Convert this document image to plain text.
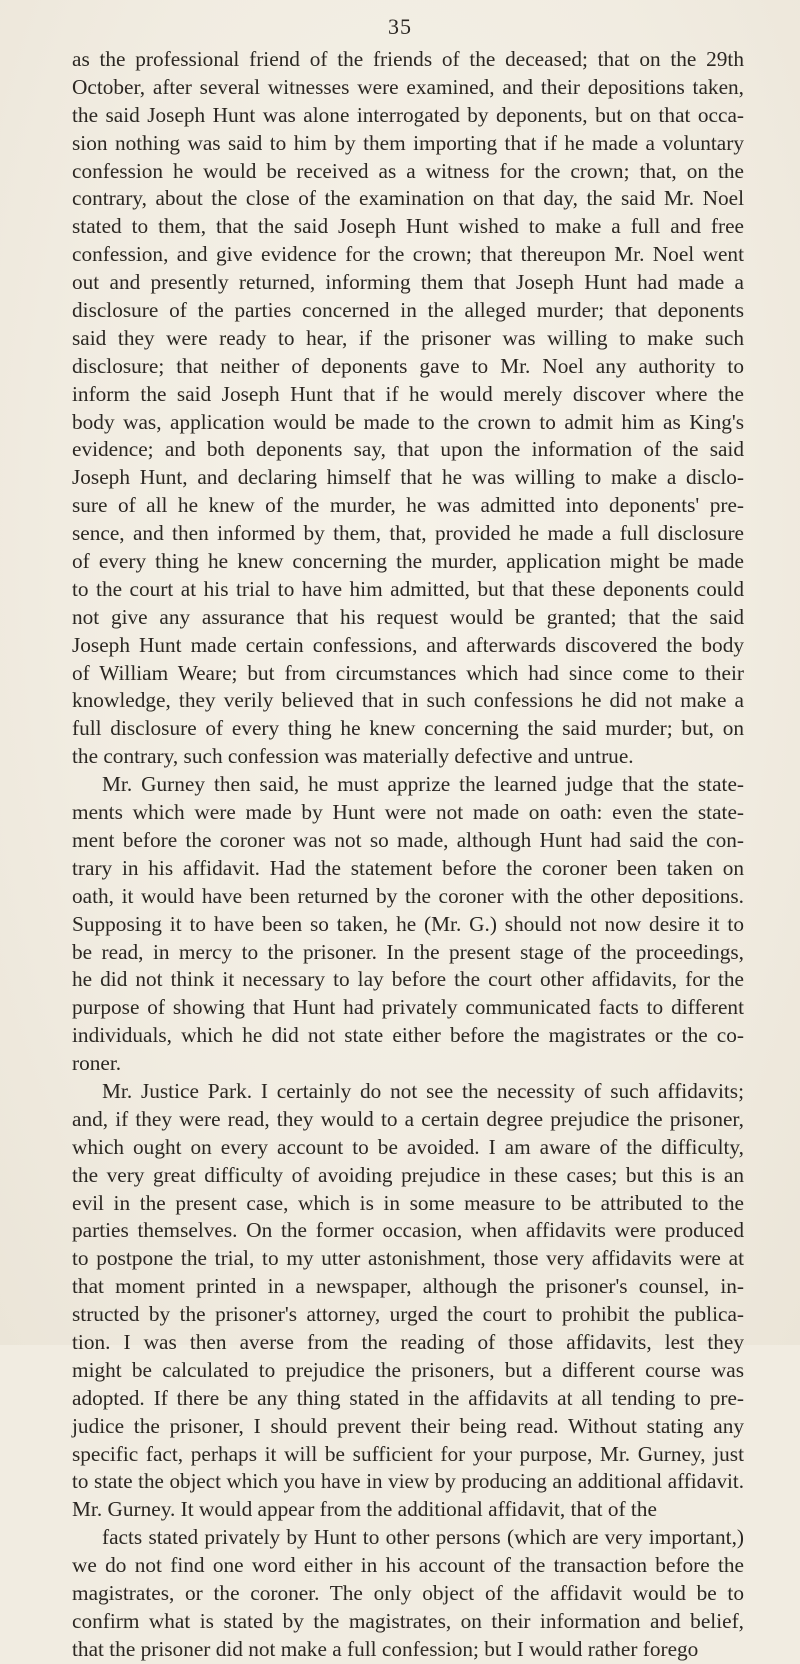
35
as the professional friend of the friends of the deceased; that on the 29th
October, after several witnesses were examined, and their depositions taken,
the said Joseph Hunt was alone interrogated by deponents, but on that occa-
sion nothing was said to him by them importing that if he made a voluntary
confession he would be received as a witness for the crown; that, on the
contrary, about the close of the examination on that day, the said Mr. Noel
stated to them, that the said Joseph Hunt wished to make a full and free
confession, and give evidence for the crown; that thereupon Mr. Noel went
out and presently returned, informing them that Joseph Hunt had made a
disclosure of the parties concerned in the alleged murder; that deponents
said they were ready to hear, if the prisoner was willing to make such
disclosure; that neither of deponents gave to Mr. Noel any authority to
inform the said Joseph Hunt that if he would merely discover where the
body was, application would be made to the crown to admit him as King's
evidence; and both deponents say, that upon the information of the said
Joseph Hunt, and declaring himself that he was willing to make a disclo-
sure of all he knew of the murder, he was admitted into deponents' pre-
sence, and then informed by them, that, provided he made a full disclosure
of every thing he knew concerning the murder, application might be made
to the court at his trial to have him admitted, but that these deponents could
not give any assurance that his request would be granted; that the said
Joseph Hunt made certain confessions, and afterwards discovered the body
of William Weare; but from circumstances which had since come to their
knowledge, they verily believed that in such confessions he did not make a
full disclosure of every thing he knew concerning the said murder; but, on
the contrary, such confession was materially defective and untrue.
Mr. Gurney then said, he must apprize the learned judge that the state-
ments which were made by Hunt were not made on oath: even the state-
ment before the coroner was not so made, although Hunt had said the con-
trary in his affidavit. Had the statement before the coroner been taken on
oath, it would have been returned by the coroner with the other depositions.
Supposing it to have been so taken, he (Mr. G.) should not now desire it to
be read, in mercy to the prisoner. In the present stage of the proceedings,
he did not think it necessary to lay before the court other affidavits, for the
purpose of showing that Hunt had privately communicated facts to different
individuals, which he did not state either before the magistrates or the co-
roner.
Mr. Justice Park. I certainly do not see the necessity of such affidavits;
and, if they were read, they would to a certain degree prejudice the prisoner,
which ought on every account to be avoided. I am aware of the difficulty,
the very great difficulty of avoiding prejudice in these cases; but this is an
evil in the present case, which is in some measure to be attributed to the
parties themselves. On the former occasion, when affidavits were produced
to postpone the trial, to my utter astonishment, those very affidavits were at
that moment printed in a newspaper, although the prisoner's counsel, in-
structed by the prisoner's attorney, urged the court to prohibit the publica-
tion. I was then averse from the reading of those affidavits, lest they
might be calculated to prejudice the prisoners, but a different course was
adopted. If there be any thing stated in the affidavits at all tending to pre-
judice the prisoner, I should prevent their being read. Without stating any
specific fact, perhaps it will be sufficient for your purpose, Mr. Gurney, just
to state the object which you have in view by producing an additional affidavit.
Mr. Gurney. It would appear from the additional affidavit, that of the
facts stated privately by Hunt to other persons (which are very important,)
we do not find one word either in his account of the transaction before the
magistrates, or the coroner. The only object of the affidavit would be to
confirm what is stated by the magistrates, on their information and belief,
that the prisoner did not make a full confession; but I would rather forego
